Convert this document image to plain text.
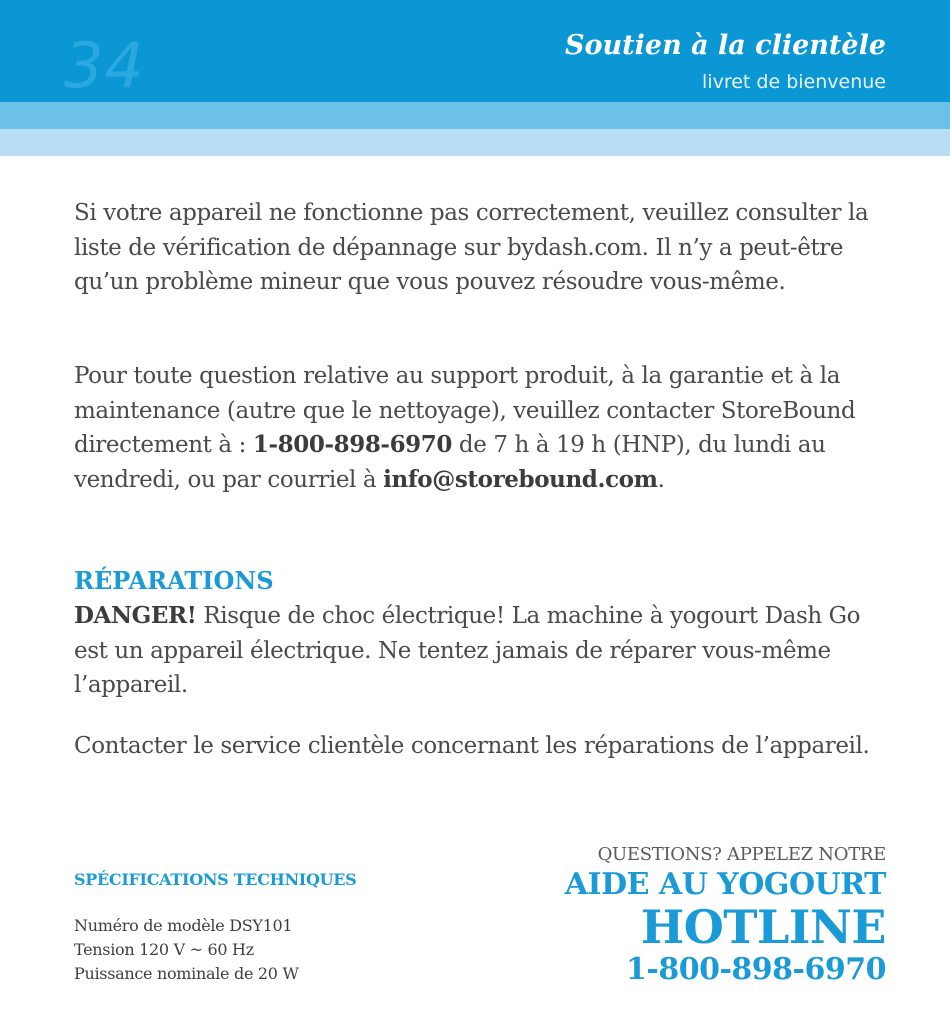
34	Soutien à la clientèle
livret de bienvenue
Si votre appareil ne fonctionne pas correctement, veuillez consulter la liste de vérification de dépannage sur bydash.com. Il n’y a peut-être qu’un problème mineur que vous pouvez résoudre vous-même.
Pour toute question relative au support produit, à la garantie et à la maintenance (autre que le nettoyage), veuillez contacter StoreBound directement à : 1-800-898-6970 de 7 h à 19 h (HNP), du lundi au vendredi, ou par courriel à info@storebound.com.
RÉPARATIONS
DANGER! Risque de choc électrique! La machine à yogourt Dash Go est un appareil électrique. Ne tentez jamais de réparer vous-même l’appareil.
Contacter le service clientèle concernant les réparations de l’appareil.
SPÉCIFICATIONS TECHNIQUES
Numéro de modèle DSY101
Tension 120 V ~ 60 Hz
Puissance nominale de 20 W
QUESTIONS? APPELEZ NOTRE
AIDE AU YOGOURT
HOTLINE
1-800-898-6970
